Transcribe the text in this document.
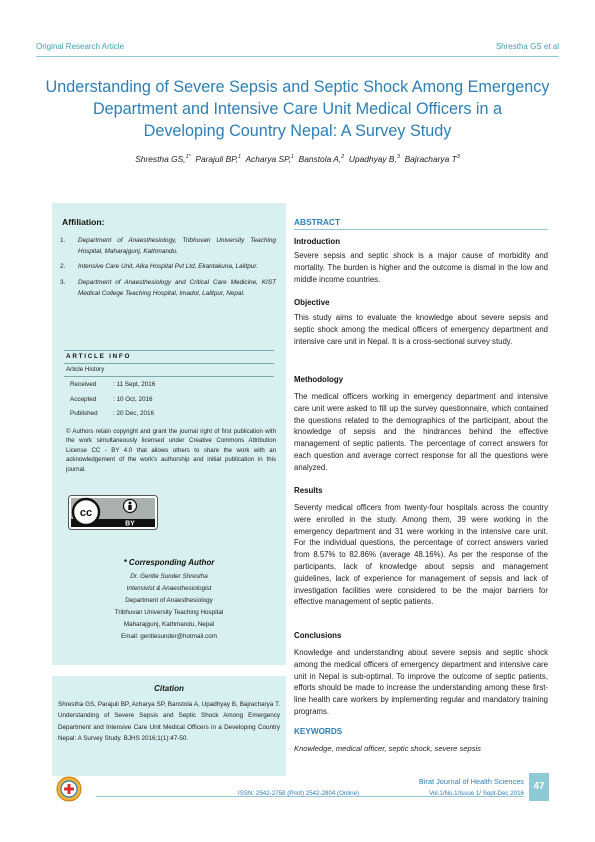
Original Research Article	Shrestha GS et al
Understanding of Severe Sepsis and Septic Shock Among Emergency
Department and Intensive Care Unit Medical Officers in a
Developing Country Nepal: A Survey Study
Shrestha GS,$^{1*}$ Parajuli BP,$^1$ Acharya SP,$^1$ Banstola A,$^2$ Upadhyay B,$^3$ Bajracharya $T^3$
Affiliation:
1.	Department of Anaesthesiology, Tribhuvan University Teaching Hospital, Maharajgunj, Kathmandu.
2.	Intensive Care Unit, Alka Hospital Pvt Ltd, Ekantakuna, Lalitpur.
3.	Department of Anaesthesiology and Critical Care Medicine, KIST Medical College Teaching Hospital, Imadol, Lalitpur, Nepal.
ARTICLE INFO
Article History
Received	: 11 Sept, 2016
Accepted	: 10 Oct, 2016
Published : 20 Dec, 2016
© Authors retain copyright and grant the journal right of first publication with the work simultaneously licensed under Creative Commons Attribution License CC - BY 4.0 that allows others to share the work with an acknowledgement of the work's authorship and initial publication in this journal.
cc
BY
* Corresponding Author
Dr. Gentle Sunder Shrestha
Intensivist & Anaesthesiologist
Department of Anaesthesiology
Tribhuvan University Teaching Hospital
Maharajgunj, Kathmandu, Nepal
Email: gentlesunder@hotmail.com
Citation
Shrestha GS, Parajuli BP, Acharya SP, Banstola A, Upadhyay B, Bajracharya T. Understanding of Severe Sepsis and Septic Shock Among Emergency Department and Intensive Care Unit Medical Officers in a Developing Country Nepal: A Survey Study. BJHS 2016;1(1):47-50.
ABSTRACT
Introduction
Severe sepsis and septic shock is a major cause of morbidity and mortality. The burden is higher and the outcome is dismal in the low and middle income countries.
Objective
This study aims to evaluate the knowledge about severe sepsis and septic shock among the medical officers of emergency department and intensive care unit in Nepal. It is a cross-sectional survey study.
Methodology
The medical officers working in emergency department and intensive care unit were asked to fill up the survey questionnaire, which contained the questions related to the demographics of the participant, about the knowledge of sepsis and the hindrances behind the effective management of septic patients. The percentage of correct answers for each question and average correct response for all the questions were analyzed.
Results
Seventy medical officers from twenty-four hospitals across the country were enrolled in the study. Among them, 39 were working in the emergency department and 31 were working in the intensive care unit. For the individual questions, the percentage of correct answers varied from 8.57% to 82.86% (average 48.16%). As per the response of the participants, lack of knowledge about sepsis and management guidelines, lack of experience for management of sepsis and lack of investigation facilities were considered to be the major barriers for effective management of septic patients.
Conclusions
Knowledge and understanding about severe sepsis and septic shock among the medical officers of emergency department and intensive care unit in Nepal is sub-optimal. To improve the outcome of septic patients, efforts should be made to increase the understanding among these first-line health care workers by implementing regular and mandatory training programs.
KEYWORDS
Knowledge, medical officer, septic shock, severe sepsis
ISSN: 2542-2758 (Print) 2542-2804 (Online)
Birat Journal of Health Sciences
Vol.1/No.1/Issue 1/ Sept-Dec 2016
47
